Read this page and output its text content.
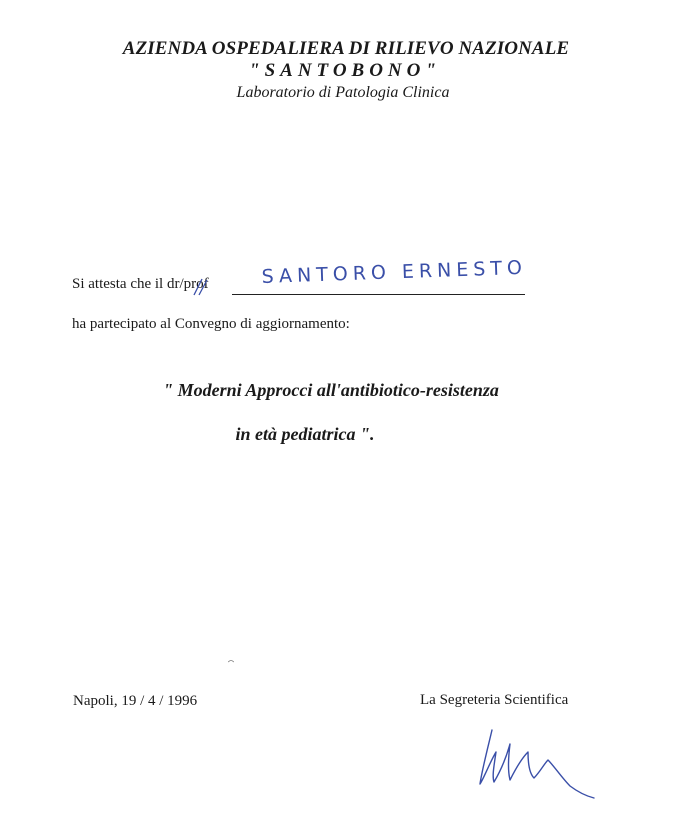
AZIENDA OSPEDALIERA DI RILIEVO NAZIONALE
"SANTOBONO"
Laboratorio di Patologia Clinica
Si attesta che il dr/prof	SANTORO ERNESTO
ha partecipato al Convegno di aggiornamento:
" Moderni Approcci all'antibiotico-resistenza
in età pediatrica ".
Napoli, 19 / 4 / 1996	La Segreteria Scientifica
